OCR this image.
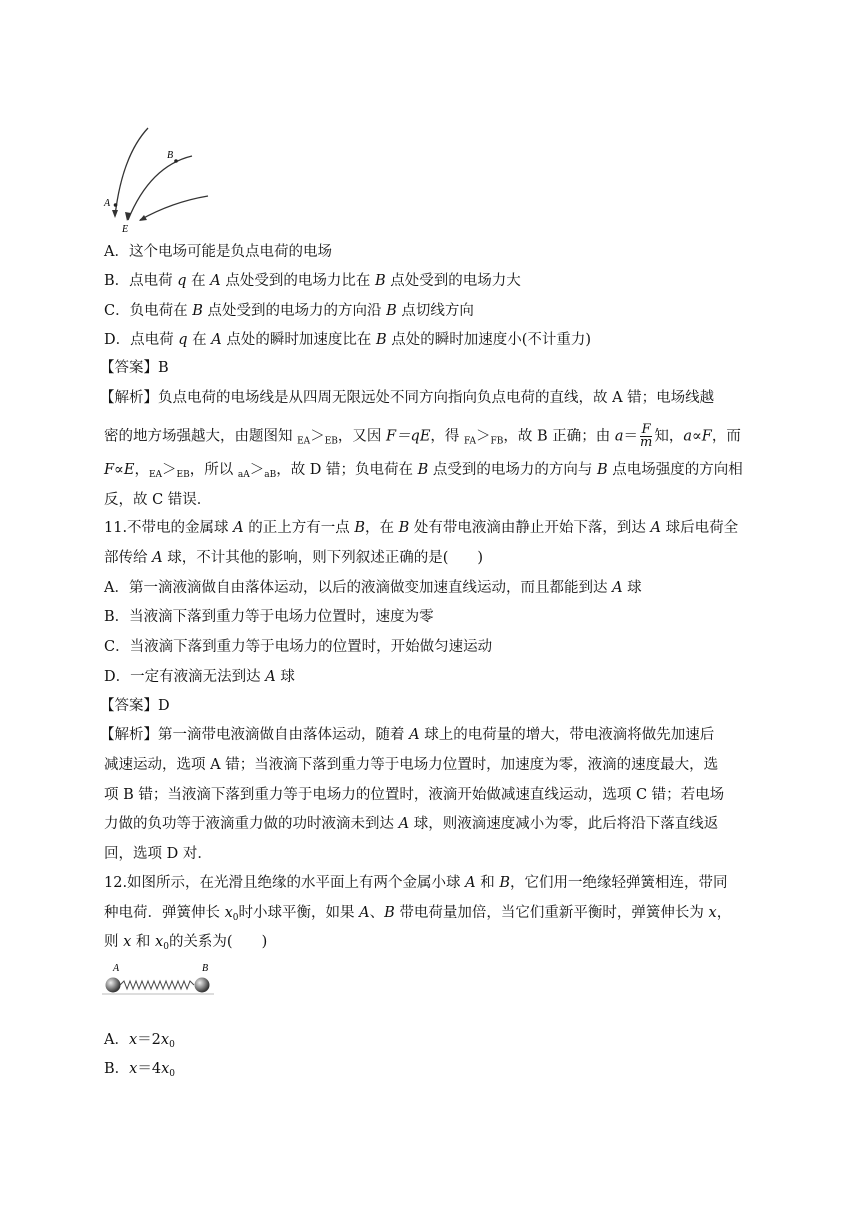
A
B
E
A．这个电场可能是负点电荷的电场
B．点电荷 q 在 A 点处受到的电场力比在 B 点处受到的电场力大
C．负电荷在 B 点处受到的电场力的方向沿 B 点切线方向
D．点电荷 q 在 A 点处的瞬时加速度比在 B 点处的瞬时加速度小(不计重力)
【答案】B
【解析】负点电荷的电场线是从四周无限远处不同方向指向负点电荷的直线，故 A 错；电场线越
密的地方场强越大，由题图知 $_{EA}>_{EB}$，又因 F＝qE，得 $_{FA}>_{FB}$，故 B 正确；由 $a= \frac{F}{m}$ 知，a∝F，而
F∝E，$_{EA}>_{EB}$，所以 $_{aA}>_{aB}$，故 D 错；负电荷在 B 点受到的电场力的方向与 B 点电场强度的方向相
反，故 C 错误．
11.不带电的金属球 A 的正上方有一点 B，在 B 处有带电液滴由静止开始下落，到达 A 球后电荷全
部传给 A 球，不计其他的影响，则下列叙述正确的是(　　)
A．第一滴液滴做自由落体运动，以后的液滴做变加速直线运动，而且都能到达 A 球
B．当液滴下落到重力等于电场力位置时，速度为零
C．当液滴下落到重力等于电场力的位置时，开始做匀速运动
D．一定有液滴无法到达 A 球
【答案】D
【解析】第一滴带电液滴做自由落体运动，随着 A 球上的电荷量的增大，带电液滴将做先加速后
减速运动，选项 A 错；当液滴下落到重力等于电场力位置时，加速度为零，液滴的速度最大，选
项 B 错；当液滴下落到重力等于电场力的位置时，液滴开始做减速直线运动，选项 C 错；若电场
力做的负功等于液滴重力做的功时液滴未到达 A 球，则液滴速度减小为零，此后将沿下落直线返
回，选项 D 对．
12.如图所示，在光滑且绝缘的水平面上有两个金属小球 A 和 B，它们用一绝缘轻弹簧相连，带同
种电荷．弹簧伸长 $x_0$时小球平衡，如果 A、B 带电荷量加倍，当它们重新平衡时，弹簧伸长为 x，
则 x 和 $x_0$的关系为(　　)
A	B
A．$x=2x_0$
B．$x=4x_0$
